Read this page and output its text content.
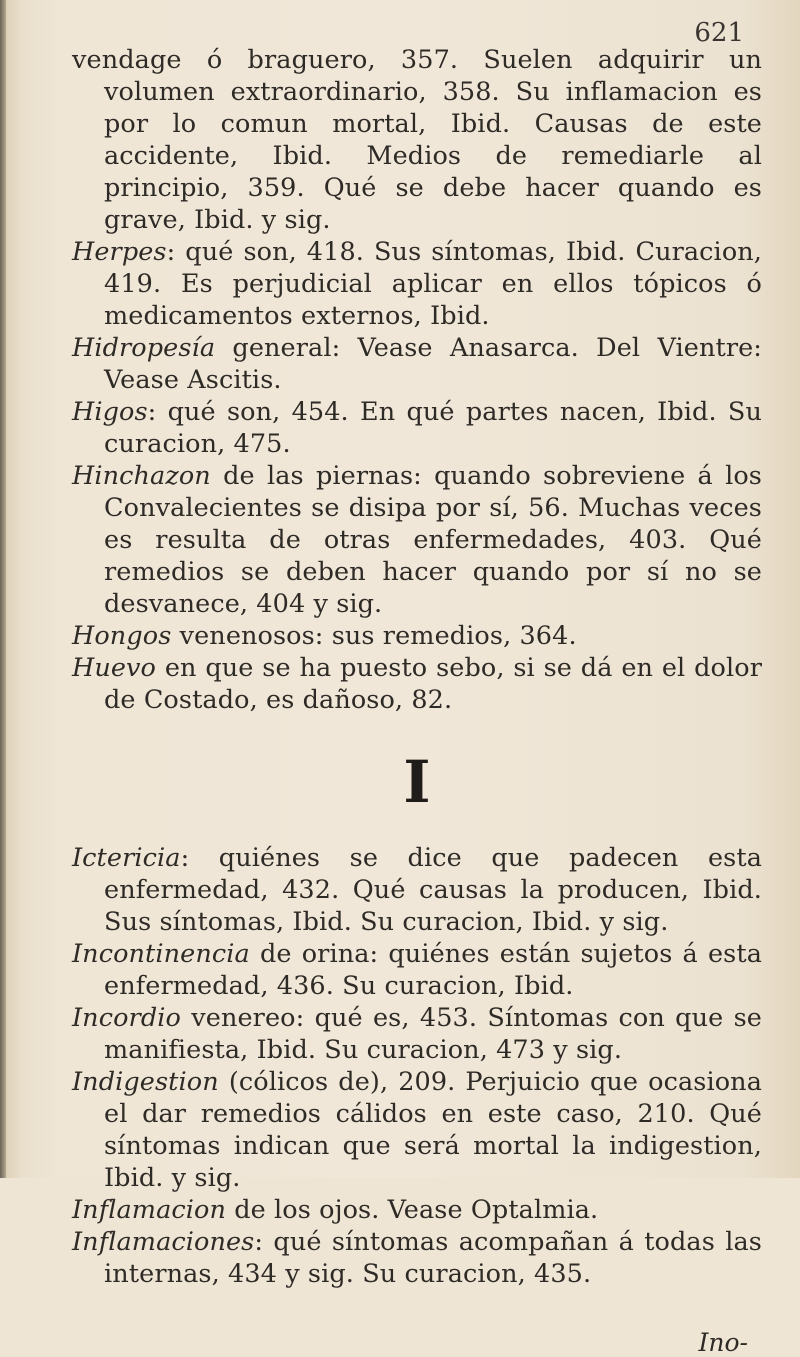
621

vendage ó braguero, 357. Suelen adquirir un volumen extraordinario, 358. Su inflamacion es por lo comun mortal, Ibid. Causas de este accidente, Ibid. Medios de remediarle al principio, 359. Qué se debe hacer quando es grave, Ibid. y sig.

Herpes: qué son, 418. Sus síntomas, Ibid. Curacion, 419. Es perjudicial aplicar en ellos tópicos ó medicamentos externos, Ibid.

Hidropesía general: Vease Anasarca. Del Vientre: Vease Ascitis.

Higos: qué son, 454. En qué partes nacen, Ibid. Su curacion, 475.

Hinchazon de las piernas: quando sobreviene á los Convalecientes se disipa por sí, 56. Muchas veces es resulta de otras enfermedades, 403. Qué remedios se deben hacer quando por sí no se desvanece, 404 y sig.

Hongos venenosos: sus remedios, 364.

Huevo en que se ha puesto sebo, si se dá en el dolor de Costado, es dañoso, 82.

I

Ictericia: quiénes se dice que padecen esta enfermedad, 432. Qué causas la producen, Ibid. Sus síntomas, Ibid. Su curacion, Ibid. y sig.

Incontinencia de orina: quiénes están sujetos á esta enfermedad, 436. Su curacion, Ibid.

Incordio venereo: qué es, 453. Síntomas con que se manifiesta, Ibid. Su curacion, 473 y sig.

Indigestion (cólicos de), 209. Perjuicio que ocasiona el dar remedios cálidos en este caso, 210. Qué síntomas indican que será mortal la indigestion, Ibid. y sig.

Inflamacion de los ojos. Vease Optalmia.

Inflamaciones: qué síntomas acompañan á todas las internas, 434 y sig. Su curacion, 435.

Ino-
